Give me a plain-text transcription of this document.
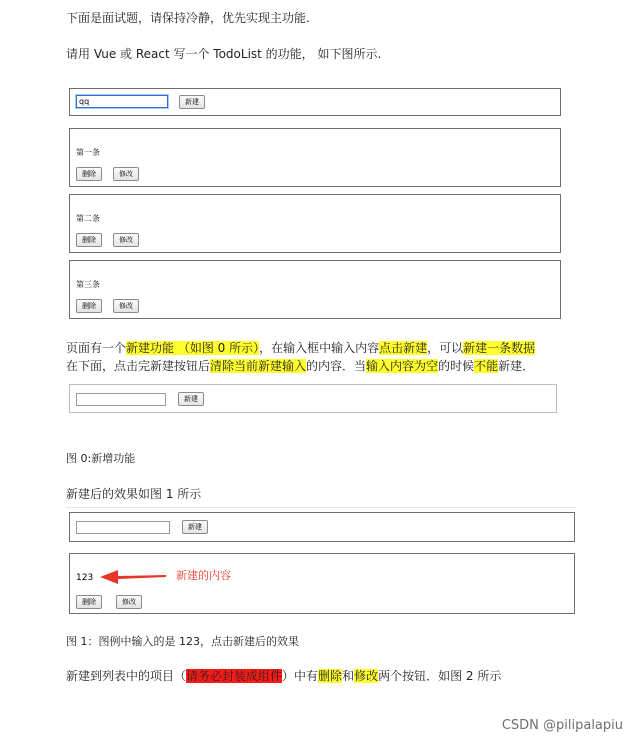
下面是面试题，请保持冷静，优先实现主功能.
请用 Vue 或 React 写一个 TodoList 的功能， 如下图所示.
qq	新建
第一条
删除	修改
第二条
删除	修改
第三条
删除	修改
页面有一个新建功能 （如图 0 所示），在输入框中输入内容点击新建，可以新建一条数据
在下面，点击完新建按钮后清除当前新建输入的内容．当输入内容为空的时候不能新建．
新建
图 0:新增功能
新建后的效果如图 1 所示
新建
123	新建的内容
删除	修改
图 1：图例中输入的是 123，点击新建后的效果
新建到列表中的项目（请务必封装成组件）中有删除和修改两个按钮．如图 2 所示
CSDN @pilipalapiu
